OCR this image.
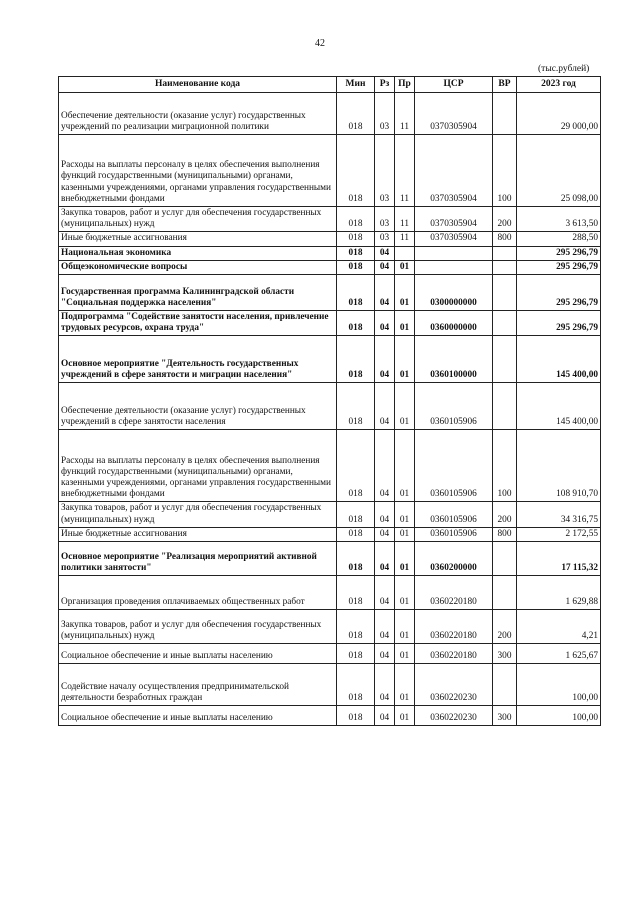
42
(тыс.рублей)
Наименование кода	Мин	Рз	Пр	ЦСР	ВР	2023 год
Обеспечение деятельности (оказание услуг) государственных учреждений по реализации миграционной политики	018	03	11	0370305904		29 000,00
Расходы на выплаты персоналу в целях обеспечения выполнения функций государственными (муниципальными) органами, казенными учреждениями, органами управления государственными внебюджетными фондами	018	03	11	0370305904	100	25 098,00
Закупка товаров, работ и услуг для обеспечения государственных (муниципальных) нужд	018	03	11	0370305904	200	3 613,50
Иные бюджетные ассигнования	018	03	11	0370305904	800	288,50
Национальная экономика	018	04				295 296,79
Общеэкономические вопросы	018	04	01			295 296,79
Государственная программа Калининградской области "Социальная поддержка населения"	018	04	01	0300000000		295 296,79
Подпрограмма "Содействие занятости населения, привлечение трудовых ресурсов, охрана труда"	018	04	01	0360000000		295 296,79
Основное мероприятие "Деятельность государственных учреждений в сфере занятости и миграции населения"	018	04	01	0360100000		145 400,00
Обеспечение деятельности (оказание услуг) государственных учреждений в сфере занятости населения	018	04	01	0360105906		145 400,00
Расходы на выплаты персоналу в целях обеспечения выполнения функций государственными (муниципальными) органами, казенными учреждениями, органами управления государственными внебюджетными фондами	018	04	01	0360105906	100	108 910,70
Закупка товаров, работ и услуг для обеспечения государственных (муниципальных) нужд	018	04	01	0360105906	200	34 316,75
Иные бюджетные ассигнования	018	04	01	0360105906	800	2 172,55
Основное мероприятие "Реализация мероприятий активной политики занятости"	018	04	01	0360200000		17 115,32
Организация проведения оплачиваемых общественных работ	018	04	01	0360220180		1 629,88
Закупка товаров, работ и услуг для обеспечения государственных (муниципальных) нужд	018	04	01	0360220180	200	4,21
Социальное обеспечение и иные выплаты населению	018	04	01	0360220180	300	1 625,67
Содействие началу осуществления предпринимательской деятельности безработных граждан	018	04	01	0360220230		100,00
Социальное обеспечение и иные выплаты населению	018	04	01	0360220230	300	100,00
